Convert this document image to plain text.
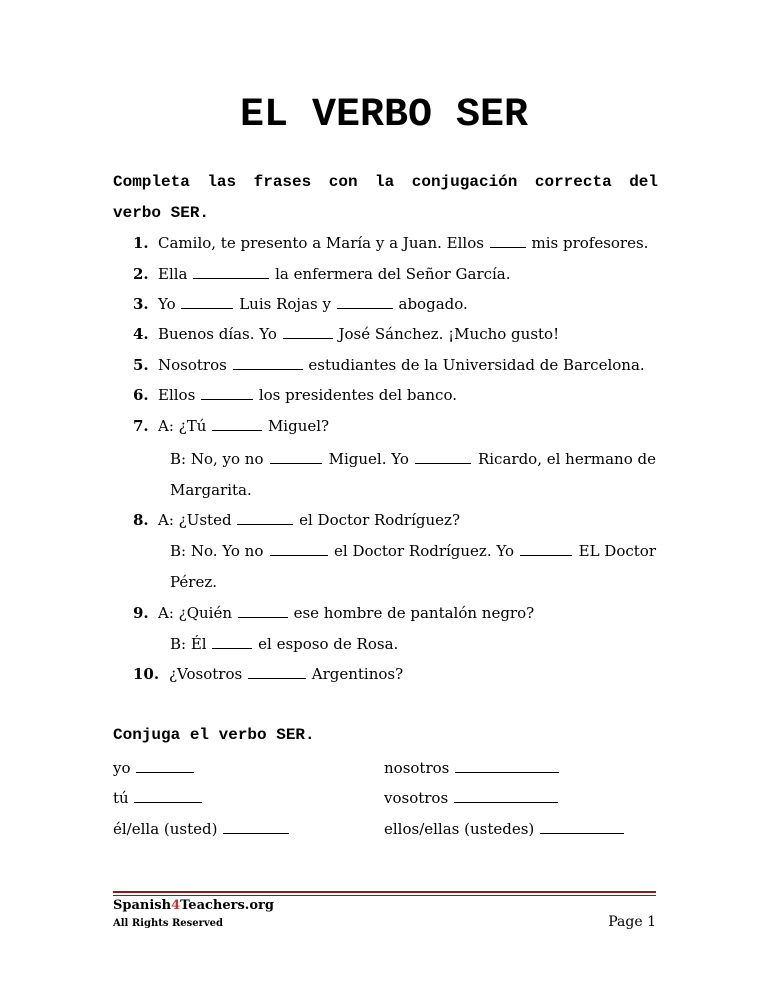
EL VERBO SER
Completa las frases con la conjugación correcta del verbo SER.
1. Camilo, te presento a María y a Juan. Ellos	mis profesores.
2. Ella	la enfermera del Señor García.
3. Yo	Luis Rojas y	abogado.
4. Buenos días. Yo	José Sánchez. ¡Mucho gusto!
5. Nosotros	estudiantes de la Universidad de Barcelona.
6. Ellos	los presidentes del banco.
7. A: ¿Tú	Miguel?
B: No, yo no	Miguel. Yo	Ricardo, el hermano de
Margarita.
8. A: ¿Usted	el Doctor Rodríguez?
B: No. Yo no	el Doctor Rodríguez. Yo	EL Doctor
Pérez.
9. A: ¿Quién	ese hombre de pantalón negro?
B: Él	el esposo de Rosa.
10. ¿Vosotros	Argentinos?
Conjuga el verbo SER.
yo	nosotros
tú	vosotros
él/ella (usted)	ellos/ellas (ustedes)
Spanish4Teachers.org
All Rights Reserved	Page 1
